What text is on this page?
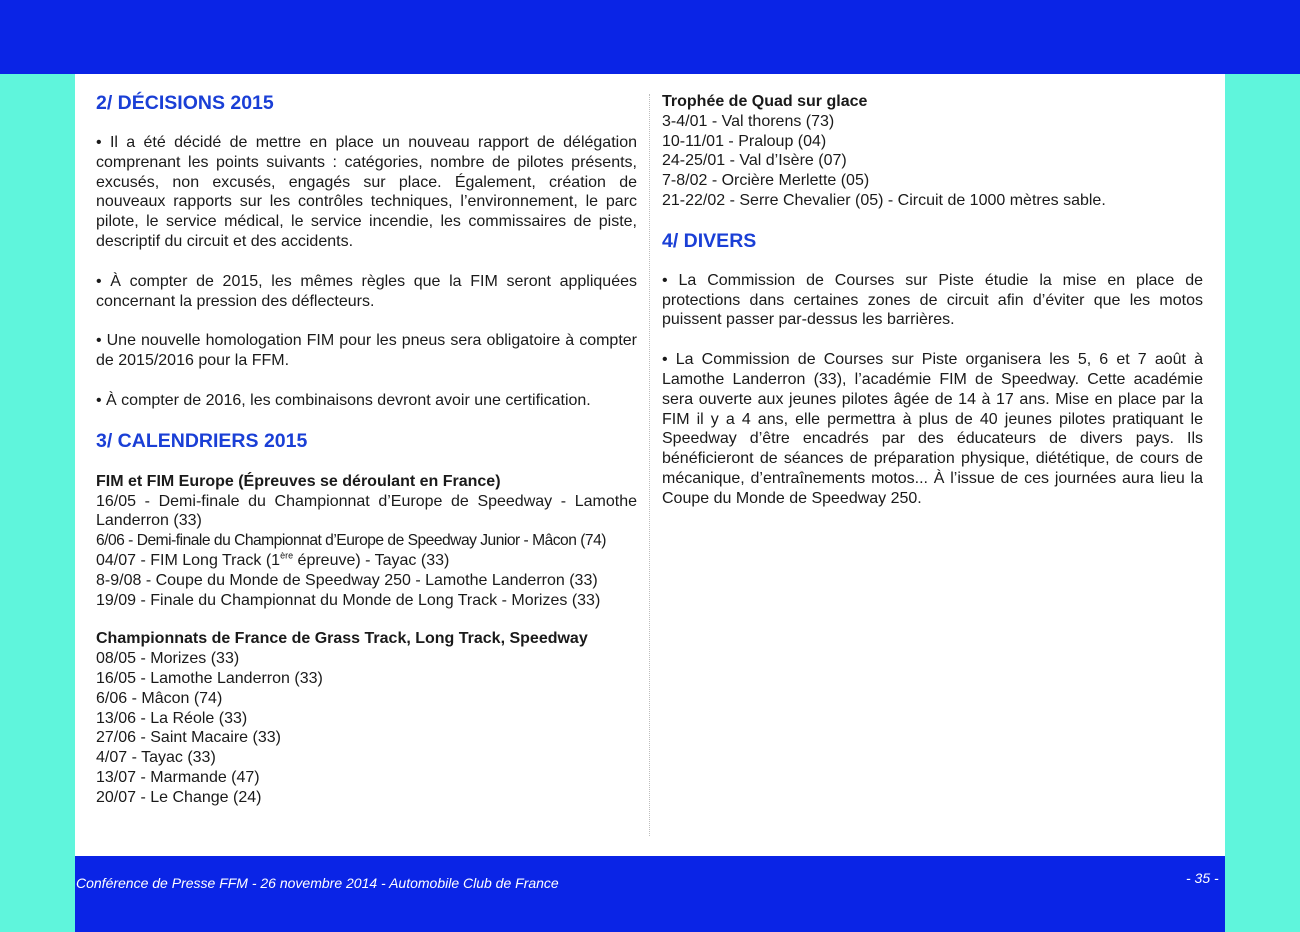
2/ DÉCISIONS 2015

• Il a été décidé de mettre en place un nouveau rapport de délégation comprenant les points suivants : catégories, nombre de pilotes présents, excusés, non excusés, engagés sur place. Également, création de nouveaux rapports sur les contrôles techniques, l’environnement, le parc pilote, le service médical, le service incendie, les commissaires de piste, descriptif du circuit et des accidents.

• À compter de 2015, les mêmes règles que la FIM seront appliquées concernant la pression des déflecteurs.

• Une nouvelle homologation FIM pour les pneus sera obligatoire à compter de 2015/2016 pour la FFM.

• À compter de 2016, les combinaisons devront avoir une certification.

3/ CALENDRIERS 2015

FIM et FIM Europe (Épreuves se déroulant en France)

16/05 - Demi-finale du Championnat d’Europe de Speedway - Lamothe Landerron (33)

6/06 - Demi-finale du Championnat d’Europe de Speedway Junior - Mâcon (74)
04/07 - FIM Long Track (1ère épreuve) - Tayac (33)
8-9/08 - Coupe du Monde de Speedway 250 - Lamothe Landerron (33)
19/09 - Finale du Championnat du Monde de Long Track - Morizes (33)

Championnats de France de Grass Track, Long Track, Speedway

08/05 - Morizes (33)
16/05 - Lamothe Landerron (33)
6/06 - Mâcon (74)
13/06 - La Réole (33)
27/06 - Saint Macaire (33)
4/07 - Tayac (33)
13/07 - Marmande (47)
20/07 - Le Change (24)

Trophée de Quad sur glace

3-4/01 - Val thorens (73)
10-11/01 - Praloup (04)
24-25/01 - Val d’Isère (07)
7-8/02 - Orcière Merlette (05)
21-22/02 - Serre Chevalier (05) - Circuit de 1000 mètres sable.
4/ DIVERS

• La Commission de Courses sur Piste étudie la mise en place de protections dans certaines zones de circuit afin d’éviter que les motos puissent passer par-dessus les barrières.

• La Commission de Courses sur Piste organisera les 5, 6 et 7 août à Lamothe Landerron (33), l’académie FIM de Speedway. Cette académie sera ouverte aux jeunes pilotes âgée de 14 à 17 ans. Mise en place par la FIM il y a 4 ans, elle permettra à plus de 40 jeunes pilotes pratiquant le Speedway d’être encadrés par des éducateurs de divers pays. Ils bénéficieront de séances de préparation physique, diététique, de cours de mécanique, d’entraînements motos... À l’issue de ces journées aura lieu la Coupe du Monde de Speedway 250.

Conférence de Presse FFM - 26 novembre 2014 - Automobile Club de France	- 35 -
